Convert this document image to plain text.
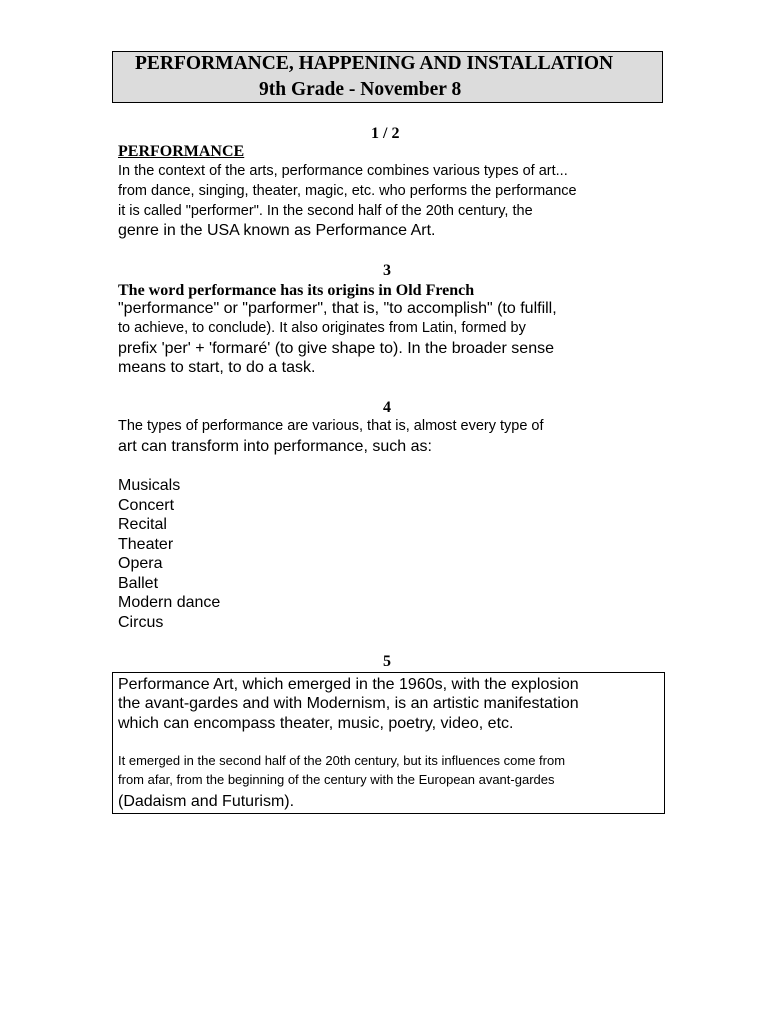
PERFORMANCE, HAPPENING AND INSTALLATION
9th Grade - November 8
1 / 2
PERFORMANCE
In the context of the arts, performance combines various types of art...
from dance, singing, theater, magic, etc. who performs the performance
it is called "performer". In the second half of the 20th century, the
genre in the USA known as Performance Art.
3
The word performance has its origins in Old French
"performance" or "parformer", that is, "to accomplish" (to fulfill,
to achieve, to conclude). It also originates from Latin, formed by
prefix 'per' + 'formaré' (to give shape to). In the broader sense
means to start, to do a task.
4
The types of performance are various, that is, almost every type of
art can transform into performance, such as:
Musicals
Concert
Recital
Theater
Opera
Ballet
Modern dance
Circus
5
Performance Art, which emerged in the 1960s, with the explosion
the avant-gardes and with Modernism, is an artistic manifestation
which can encompass theater, music, poetry, video, etc.
It emerged in the second half of the 20th century, but its influences come from
from afar, from the beginning of the century with the European avant-gardes
(Dadaism and Futurism).
